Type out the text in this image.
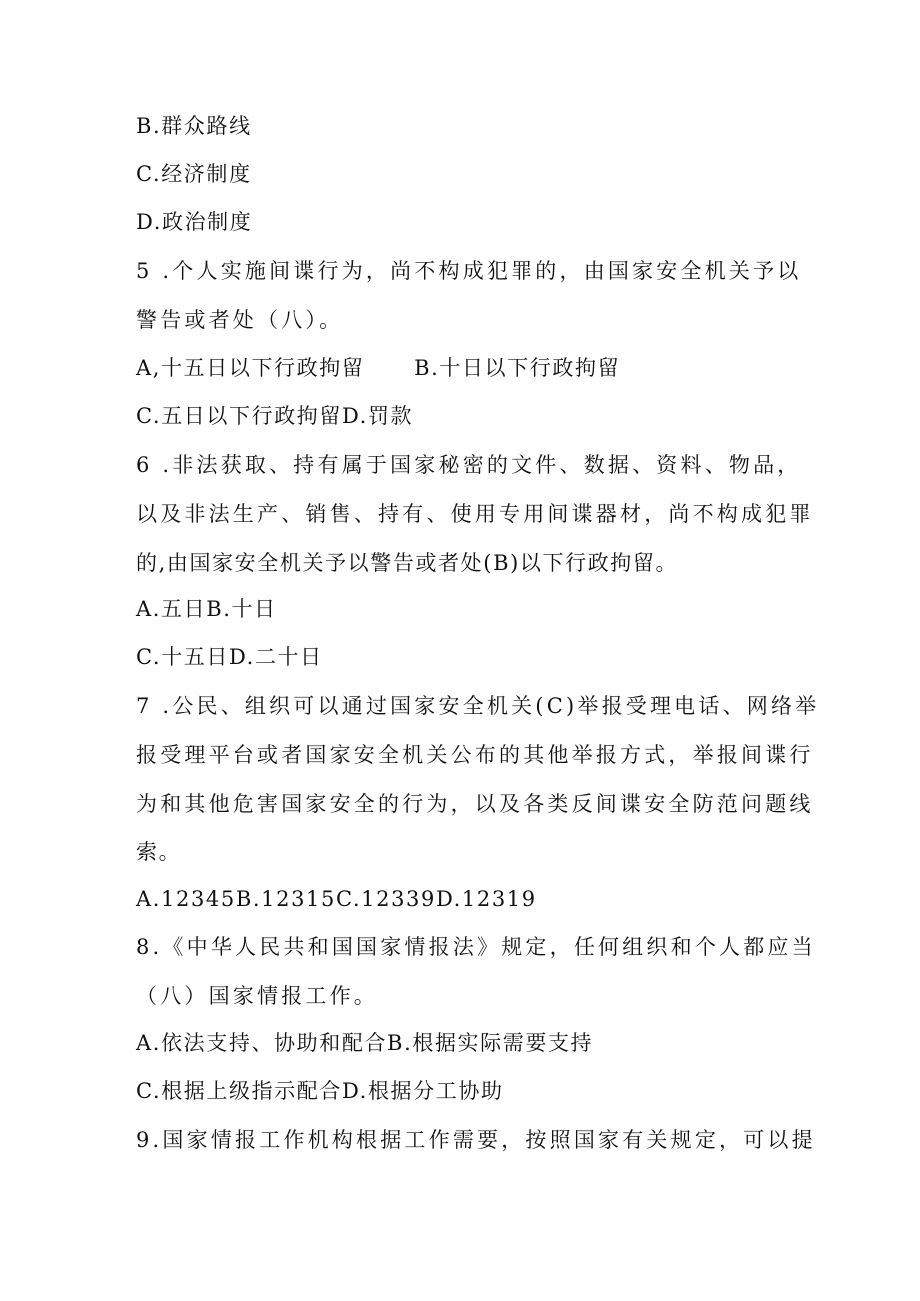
B.群众路线
C.经济制度
D.政治制度
5 .个人实施间谍行为，尚不构成犯罪的，由国家安全机关予以
警告或者处（八）。
A,十五日以下行政拘留      B.十日以下行政拘留
C.五日以下行政拘留D.罚款
6 .非法获取、持有属于国家秘密的文件、数据、资料、物品，
以及非法生产、销售、持有、使用专用间谍器材，尚不构成犯罪
的,由国家安全机关予以警告或者处(B)以下行政拘留。
A.五日B.十日
C.十五日D.二十日
7 .公民、组织可以通过国家安全机关(C)举报受理电话、网络举
报受理平台或者国家安全机关公布的其他举报方式，举报间谍行
为和其他危害国家安全的行为，以及各类反间谍安全防范问题线
索。
A.12345B.12315C.12339D.12319
8.《中华人民共和国国家情报法》规定，任何组织和个人都应当
（八）国家情报工作。
A.依法支持、协助和配合B.根据实际需要支持
C.根据上级指示配合D.根据分工协助
9.国家情报工作机构根据工作需要，按照国家有关规定，可以提
